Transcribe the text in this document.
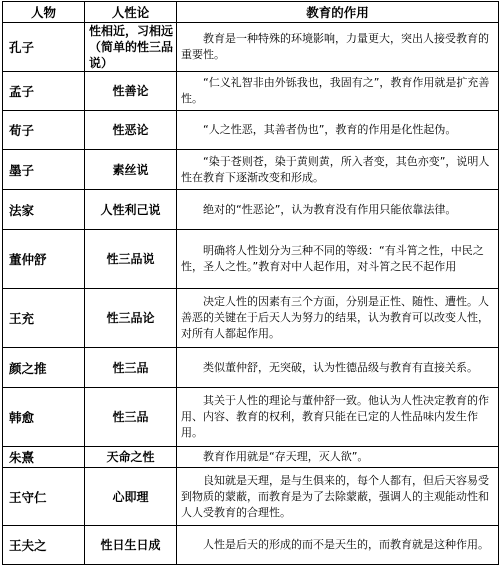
人物	人性论	教育的作用
孔子	性相近，习相远（简单的性三品说）	教育是一种特殊的环境影响，力量更大，突出人接受教育的重要性。

孟子	性善论	“仁义礼智非由外铄我也，我固有之”，教育作用就是扩充善性。

荀子	性恶论	“人之性恶，其善者伪也”，教育的作用是化性起伪。

墨子	素丝说	“染于苍则苍，染于黄则黄，所入者变，其色亦变”，说明人性在教育下逐渐改变和形成。

法家	人性利己说	绝对的“性恶论”，认为教育没有作用只能依靠法律。

董仲舒	性三品说	明确将人性划分为三种不同的等级：“有斗筲之性，中民之性，圣人之性。”教育对中人起作用，对斗筲之民不起作用

王充	性三品论	决定人性的因素有三个方面，分别是正性、随性、遭性。人善恶的关键在于后天人为努力的结果，认为教育可以改变人性，对所有人都起作用。

颜之推	性三品	类似董仲舒，无突破，认为性德品级与教育有直接关系。

韩愈	性三品	其关于人性的理论与董仲舒一致。他认为人性决定教育的作用、内容、教育的权利，教育只能在已定的人性品味内发生作用。

朱熹	天命之性	教育作用就是“存天理，灭人欲”。

王守仁	心即理	良知就是天理，是与生俱来的，每个人都有，但后天容易受到物质的蒙蔽，而教育是为了去除蒙蔽，强调人的主观能动性和人人受教育的合理性。

王夫之	性日生日成	人性是后天的形成的而不是天生的，而教育就是这种作用。
